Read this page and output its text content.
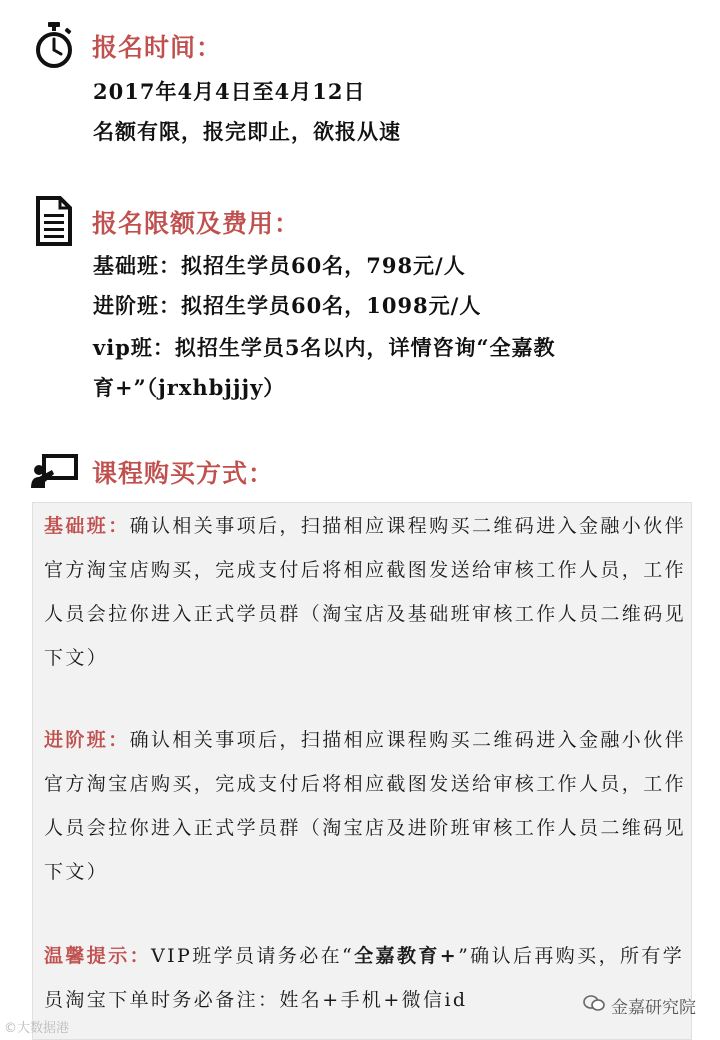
报名时间：
2017年4月4日至4月12日
名额有限，报完即止，欲报从速
报名限额及费用：
基础班：拟招生学员60名，798元/人
进阶班：拟招生学员60名，1098元/人
vip班：拟招生学员5名以内，详情咨询“全嘉教
育+”（jrxhbjjjy）
课程购买方式：
基础班：确认相关事项后，扫描相应课程购买二维码进入金融小伙伴官方淘宝店购买，完成支付后将相应截图发送给审核工作人员，工作人员会拉你进入正式学员群（淘宝店及基础班审核工作人员二维码见下文）
进阶班：确认相关事项后，扫描相应课程购买二维码进入金融小伙伴官方淘宝店购买，完成支付后将相应截图发送给审核工作人员，工作人员会拉你进入正式学员群（淘宝店及进阶班审核工作人员二维码见下文）
温馨提示：VIP班学员请务必在“全嘉教育+”确认后再购买，所有学员淘宝下单时务必备注：姓名+手机+微信id
©大数据港
金嘉研究院
